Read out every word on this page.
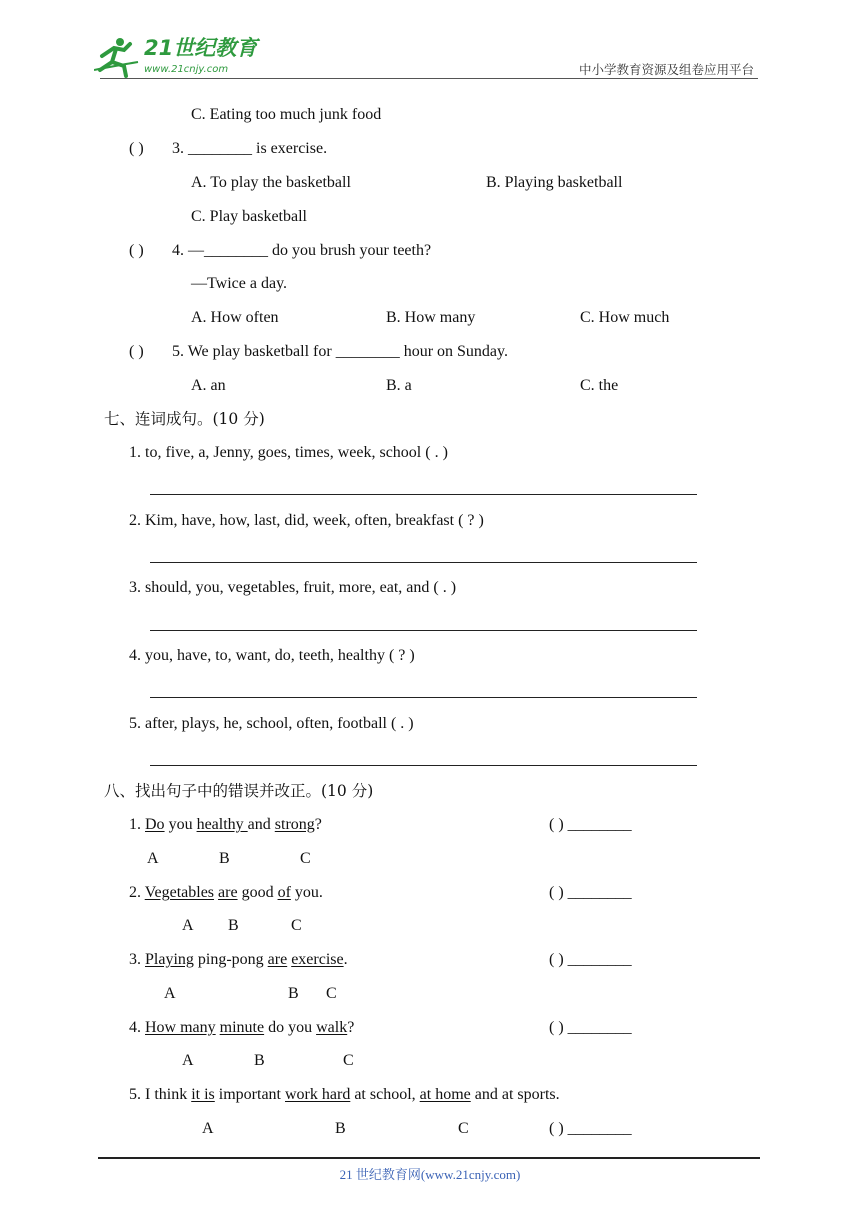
21世纪教育
www.21cnjy.com	中小学教育资源及组卷应用平台
C. Eating too much junk food
( ) 3. ________ is exercise.
A. To play the basketball	B. Playing basketball
C. Play basketball
( ) 4. —________ do you brush your teeth?
—Twice a day.
A. How often	B. How many	C. How much
( ) 5. We play basketball for ________ hour on Sunday.
A. an	B. a	C. the
七、连词成句。(10 分)
1. to, five, a, Jenny, goes, times, week, school ( . )
2. Kim, have, how, last, did, week, often, breakfast ( ? )
3. should, you, vegetables, fruit, more, eat, and ( . )
4. you, have, to, want, do, teeth, healthy ( ? )
5. after, plays, he, school, often, football ( . )
八、找出句子中的错误并改正。(10 分)
1. Do you healthy and strong?	( ) ________
A	B	C
2. Vegetables are good of you.	( ) ________
A B	C
3. Playing ping-pong are exercise.	( ) ________
A	B C
4. How many minute do you walk?	( ) ________
A	B	C
5. I think it is important work hard at school, at home and at sports.
A	B	C	( ) ________
21 世纪教育网(www.21cnjy.com)
